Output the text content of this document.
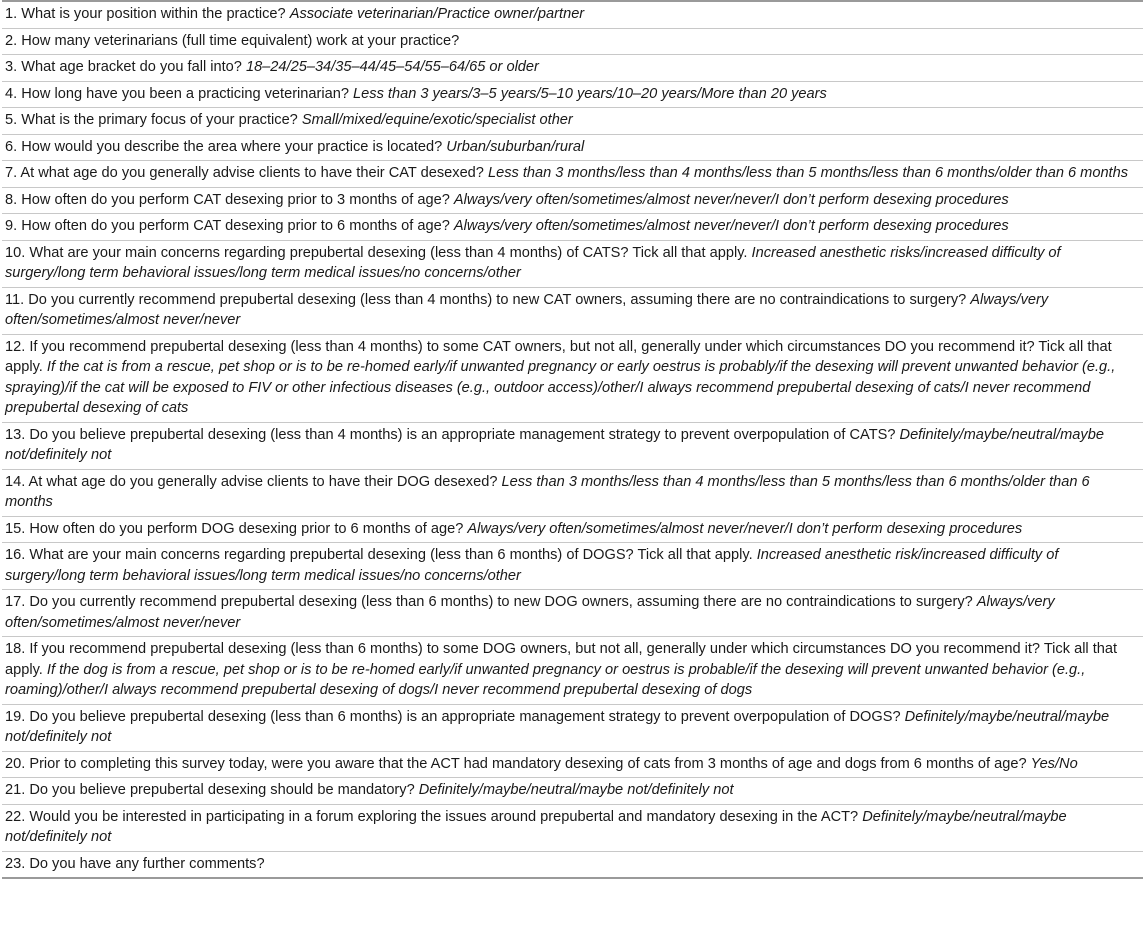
1. What is your position within the practice? Associate veterinarian/Practice owner/partner
2. How many veterinarians (full time equivalent) work at your practice?
3. What age bracket do you fall into? 18–24/25–34/35–44/45–54/55–64/65 or older
4. How long have you been a practicing veterinarian? Less than 3 years/3–5 years/5–10 years/10–20 years/More than 20 years
5. What is the primary focus of your practice? Small/mixed/equine/exotic/specialist other
6. How would you describe the area where your practice is located? Urban/suburban/rural
7. At what age do you generally advise clients to have their CAT desexed? Less than 3 months/less than 4 months/less than 5 months/less than 6 months/older than 6 months
8. How often do you perform CAT desexing prior to 3 months of age? Always/very often/sometimes/almost never/never/I don’t perform desexing procedures
9. How often do you perform CAT desexing prior to 6 months of age? Always/very often/sometimes/almost never/never/I don’t perform desexing procedures
10. What are your main concerns regarding prepubertal desexing (less than 4 months) of CATS? Tick all that apply. Increased anesthetic risks/increased difficulty of surgery/long term behavioral issues/long term medical issues/no concerns/other
11. Do you currently recommend prepubertal desexing (less than 4 months) to new CAT owners, assuming there are no contraindications to surgery? Always/very often/sometimes/almost never/never
12. If you recommend prepubertal desexing (less than 4 months) to some CAT owners, but not all, generally under which circumstances DO you recommend it? Tick all that apply. If the cat is from a rescue, pet shop or is to be re-homed early/if unwanted pregnancy or early oestrus is probably/if the desexing will prevent unwanted behavior (e.g., spraying)/if the cat will be exposed to FIV or other infectious diseases (e.g., outdoor access)/other/I always recommend prepubertal desexing of cats/I never recommend prepubertal desexing of cats
13. Do you believe prepubertal desexing (less than 4 months) is an appropriate management strategy to prevent overpopulation of CATS? Definitely/maybe/neutral/maybe not/definitely not
14. At what age do you generally advise clients to have their DOG desexed? Less than 3 months/less than 4 months/less than 5 months/less than 6 months/older than 6 months
15. How often do you perform DOG desexing prior to 6 months of age? Always/very often/sometimes/almost never/never/I don’t perform desexing procedures
16. What are your main concerns regarding prepubertal desexing (less than 6 months) of DOGS? Tick all that apply. Increased anesthetic risk/increased difficulty of surgery/long term behavioral issues/long term medical issues/no concerns/other
17. Do you currently recommend prepubertal desexing (less than 6 months) to new DOG owners, assuming there are no contraindications to surgery? Always/very often/sometimes/almost never/never
18. If you recommend prepubertal desexing (less than 6 months) to some DOG owners, but not all, generally under which circumstances DO you recommend it? Tick all that apply. If the dog is from a rescue, pet shop or is to be re-homed early/if unwanted pregnancy or oestrus is probable/if the desexing will prevent unwanted behavior (e.g., roaming)/other/I always recommend prepubertal desexing of dogs/I never recommend prepubertal desexing of dogs
19. Do you believe prepubertal desexing (less than 6 months) is an appropriate management strategy to prevent overpopulation of DOGS? Definitely/maybe/neutral/maybe not/definitely not
20. Prior to completing this survey today, were you aware that the ACT had mandatory desexing of cats from 3 months of age and dogs from 6 months of age? Yes/No
21. Do you believe prepubertal desexing should be mandatory? Definitely/maybe/neutral/maybe not/definitely not
22. Would you be interested in participating in a forum exploring the issues around prepubertal and mandatory desexing in the ACT? Definitely/maybe/neutral/maybe not/definitely not
23. Do you have any further comments?
